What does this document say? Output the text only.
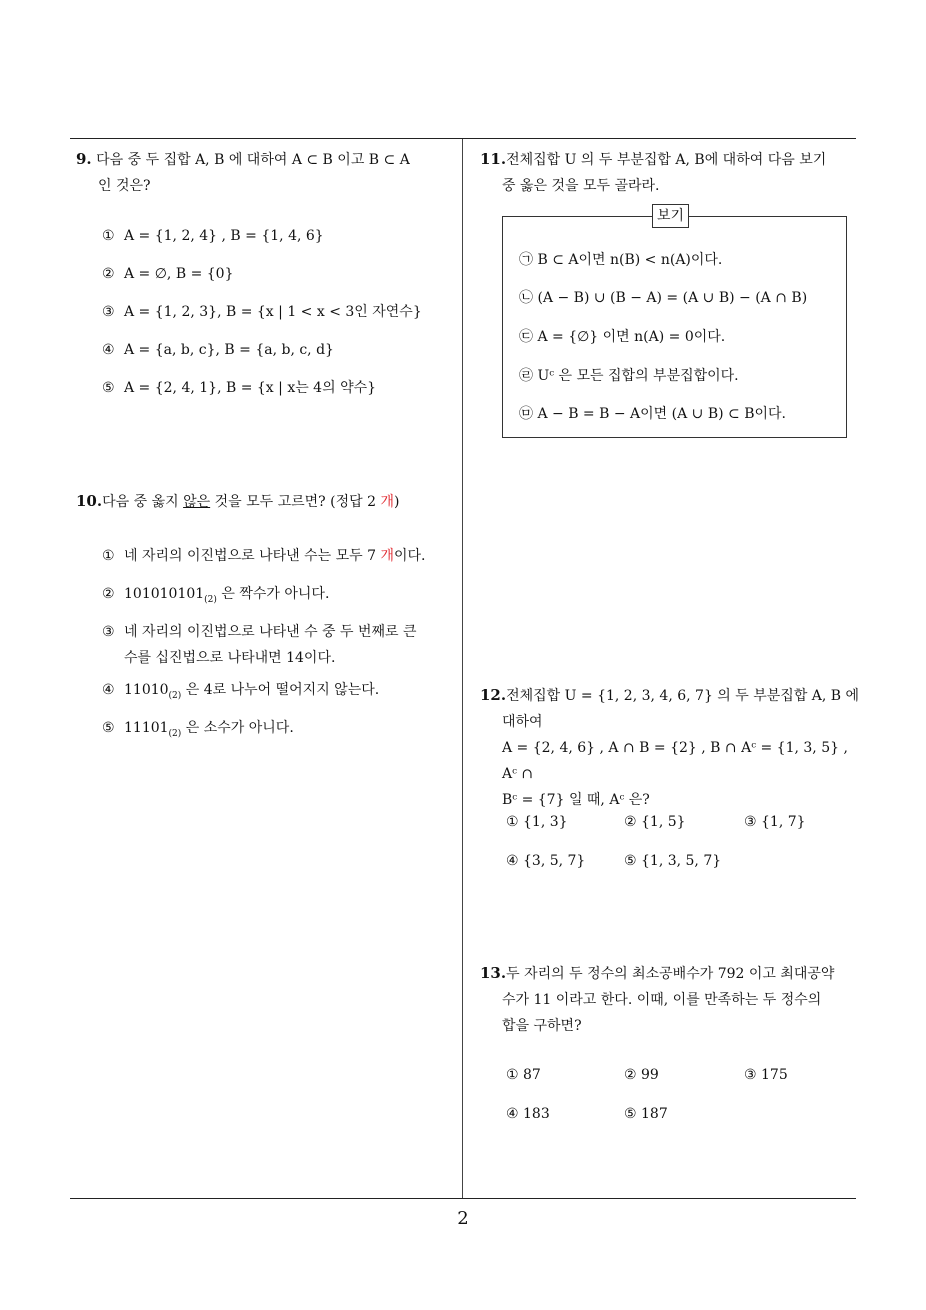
9. 다음 중 두 집합 A, B 에 대하여 A ⊂ B 이고 B ⊂ A
인 것은?
① A = {1, 2, 4} , B = {1, 4, 6}
② A = ∅, B = {0}
③ A = {1, 2, 3}, B = {x | 1 < x < 3인 자연수}
④ A = {a, b, c}, B = {a, b, c, d}
⑤ A = {2, 4, 1}, B = {x | x는 4의 약수}
10.다음 중 옳지 않은 것을 모두 고르면? (정답 2 개)
① 네 자리의 이진법으로 나타낸 수는 모두 7 개이다.
② $101010101_{(2)}$ 은 짝수가 아니다.
③ 네 자리의 이진법으로 나타낸 수 중 두 번째로 큰
수를 십진법으로 나타내면 14이다.
④ $11010_{(2)}$ 은 4로 나누어 떨어지지 않는다.
⑤ $11101_{(2)}$ 은 소수가 아니다.
11.전체집합 U 의 두 부분집합 A, B에 대하여 다음 보기
중 옳은 것을 모두 골라라.
㉠ B ⊂ A이면 n(B) < n(A)이다.
㉡ (A − B) ∪ (B − A) = (A ∪ B) − (A ∩ B)
㉢ A = {∅} 이면 n(A) = 0이다.
㉣ Uᶜ 은 모든 집합의 부분집합이다.
㉤ A − B = B − A이면 (A ∪ B) ⊂ B이다.
보기
12.전체집합 U = {1, 2, 3, 4, 6, 7} 의 두 부분집합 A, B 에
대하여
A = {2, 4, 6} , A ∩ B = {2} , B ∩ Aᶜ = {1, 3, 5} , Aᶜ ∩
Bᶜ = {7} 일 때, Aᶜ 은?
① {1, 3}	② {1, 5}	③ {1, 7}
④ {3, 5, 7}	⑤ {1, 3, 5, 7}
13.두 자리의 두 정수의 최소공배수가 792 이고 최대공약
수가 11 이라고 한다. 이때, 이를 만족하는 두 정수의
합을 구하면?
① 87	② 99	③ 175
④ 183	⑤ 187
2
